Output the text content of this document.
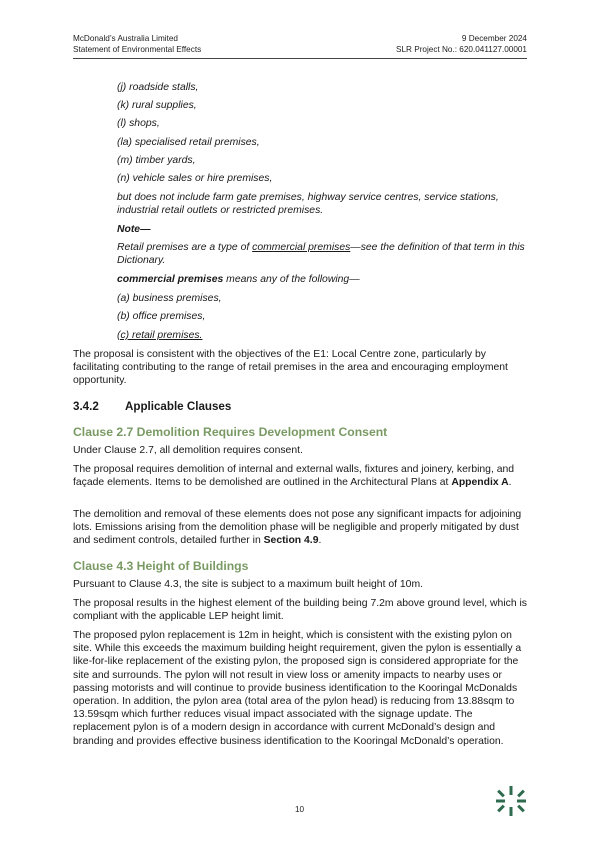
McDonald’s Australia Limited
Statement of Environmental Effects
9 December 2024
SLR Project No.: 620.041127.00001
(j) roadside stalls,
(k) rural supplies,
(l) shops,
(la) specialised retail premises,
(m) timber yards,
(n) vehicle sales or hire premises,
but does not include farm gate premises, highway service centres, service stations, industrial retail outlets or restricted premises.
Note—
Retail premises are a type of commercial premises—see the definition of that term in this Dictionary.
commercial premises means any of the following—
(a) business premises,
(b) office premises,
(c) retail premises.
The proposal is consistent with the objectives of the E1: Local Centre zone, particularly by facilitating contributing to the range of retail premises in the area and encouraging employment opportunity.
3.4.2 Applicable Clauses
Clause 2.7 Demolition Requires Development Consent
Under Clause 2.7, all demolition requires consent.
The proposal requires demolition of internal and external walls, fixtures and joinery, kerbing, and façade elements. Items to be demolished are outlined in the Architectural Plans at Appendix A.
The demolition and removal of these elements does not pose any significant impacts for adjoining lots. Emissions arising from the demolition phase will be negligible and properly mitigated by dust and sediment controls, detailed further in Section 4.9.
Clause 4.3 Height of Buildings
Pursuant to Clause 4.3, the site is subject to a maximum built height of 10m.
The proposal results in the highest element of the building being 7.2m above ground level, which is compliant with the applicable LEP height limit.
The proposed pylon replacement is 12m in height, which is consistent with the existing pylon on site. While this exceeds the maximum building height requirement, given the pylon is essentially a like-for-like replacement of the existing pylon, the proposed sign is considered appropriate for the site and surrounds. The pylon will not result in view loss or amenity impacts to nearby uses or passing motorists and will continue to provide business identification to the Kooringal McDonalds operation. In addition, the pylon area (total area of the pylon head) is reducing from 13.88sqm to 13.59sqm which further reduces visual impact associated with the signage update. The replacement pylon is of a modern design in accordance with current McDonald’s design and branding and provides effective business identification to the Kooringal McDonald’s operation.
10
